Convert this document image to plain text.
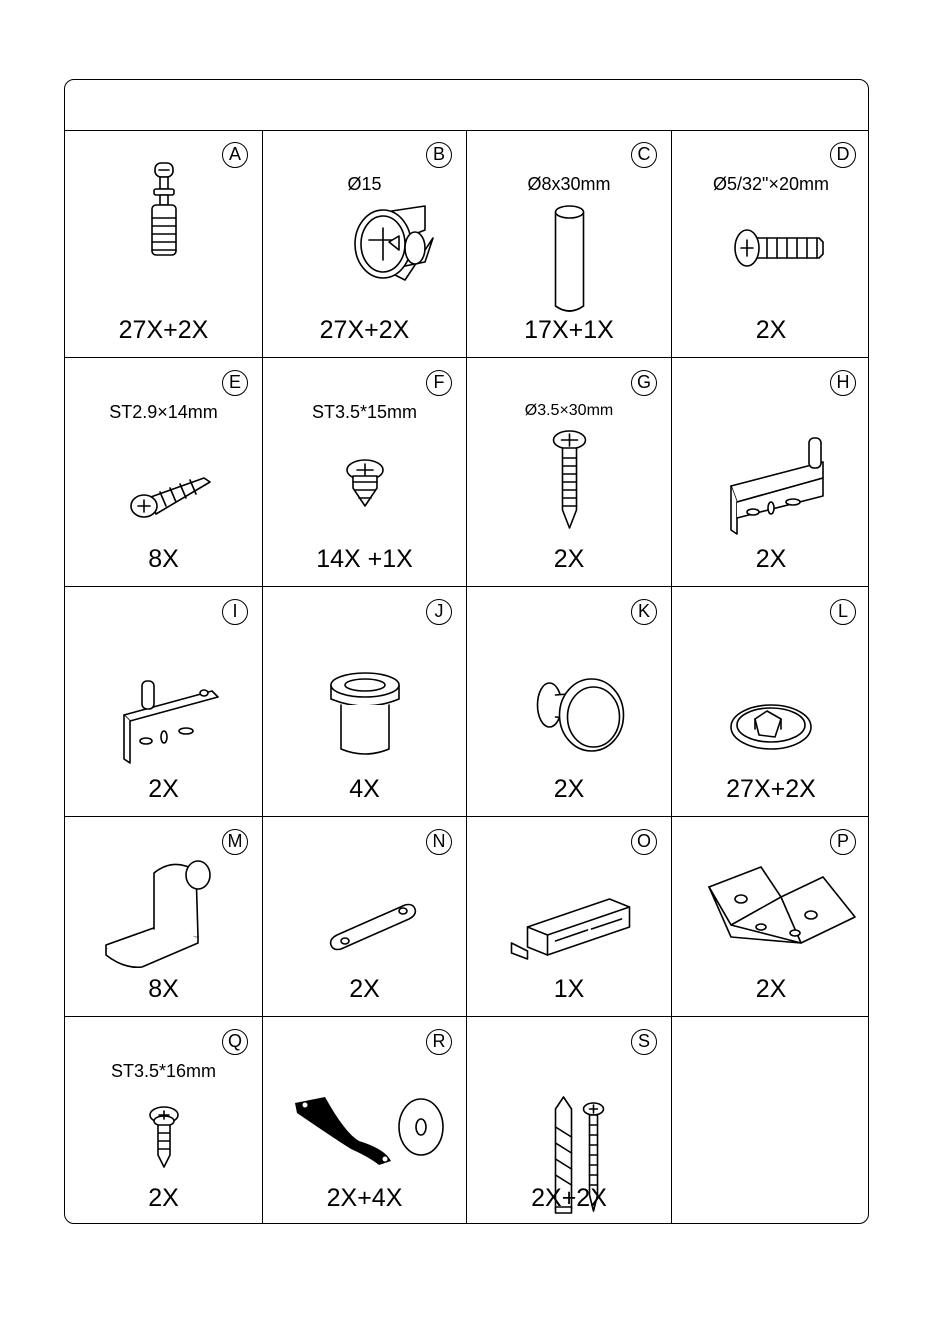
A
27X+2X
B
Ø15
27X+2X
C
Ø8x30mm
17X+1X
D
Ø5/32"×20mm
2X
E
ST2.9×14mm
8X
F
ST3.5*15mm
14X +1X
G
Ø3.5×30mm
2X
H
2X
I
2X
J
4X
K
2X
L
27X+2X
M
8X
N
2X
O
1X
P
2X
Q
ST3.5*16mm
2X
R
2X+4X
S
2X+2X
